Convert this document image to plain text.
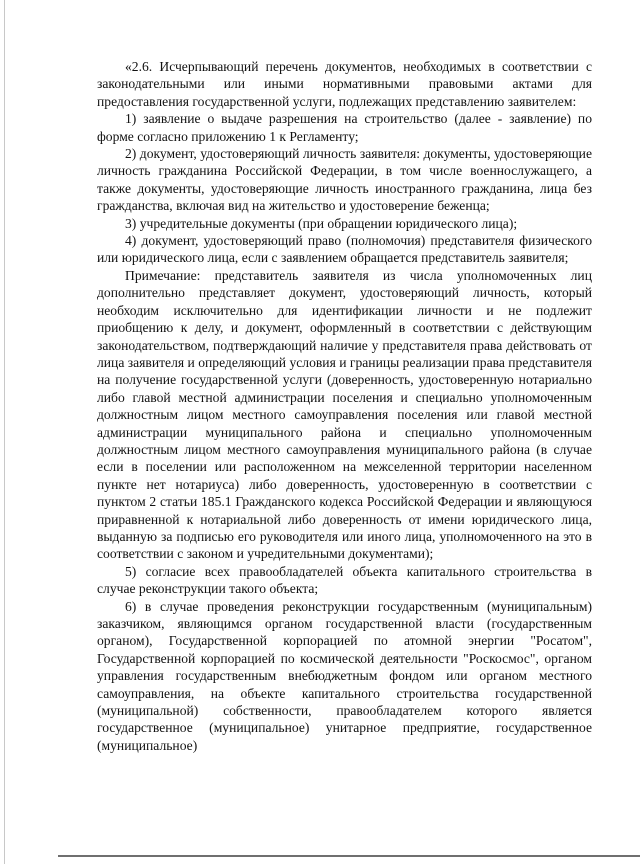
«2.6. Исчерпывающий перечень документов, необходимых в соответствии с законодательными или иными нормативными правовыми актами для предоставления государственной услуги, подлежащих представлению заявителем:

1) заявление о выдаче разрешения на строительство (далее - заявление) по форме согласно приложению 1 к Регламенту;

2) документ, удостоверяющий личность заявителя: документы, удостоверяющие личность гражданина Российской Федерации, в том числе военнослужащего, а также документы, удостоверяющие личность иностранного гражданина, лица без гражданства, включая вид на жительство и удостоверение беженца;

3) учредительные документы (при обращении юридического лица);

4) документ, удостоверяющий право (полномочия) представителя физического или юридического лица, если с заявлением обращается представитель заявителя;

Примечание: представитель заявителя из числа уполномоченных лиц дополнительно представляет документ, удостоверяющий личность, который необходим исключительно для идентификации личности и не подлежит приобщению к делу, и документ, оформленный в соответствии с действующим законодательством, подтверждающий наличие у представителя права действовать от лица заявителя и определяющий условия и границы реализации права представителя на получение государственной услуги (доверенность, удостоверенную нотариально либо главой местной администрации поселения и специально уполномоченным должностным лицом местного самоуправления поселения или главой местной администрации муниципального района и специально уполномоченным должностным лицом местного самоуправления муниципального района (в случае если в поселении или расположенном на межселенной территории населенном пункте нет нотариуса) либо доверенность, удостоверенную в соответствии с пунктом 2 статьи 185.1 Гражданского кодекса Российской Федерации и являющуюся приравненной к нотариальной либо доверенность от имени юридического лица, выданную за подписью его руководителя или иного лица, уполномоченного на это в соответствии с законом и учредительными документами);

5) согласие всех правообладателей объекта капитального строительства в случае реконструкции такого объекта;

6) в случае проведения реконструкции государственным (муниципальным) заказчиком, являющимся органом государственной власти (государственным органом), Государственной корпорацией по атомной энергии "Росатом", Государственной корпорацией по космической деятельности "Роскосмос", органом управления государственным внебюджетным фондом или органом местного самоуправления, на объекте капитального строительства государственной (муниципальной) собственности, правообладателем которого является государственное (муниципальное) унитарное предприятие, государственное (муниципальное)
